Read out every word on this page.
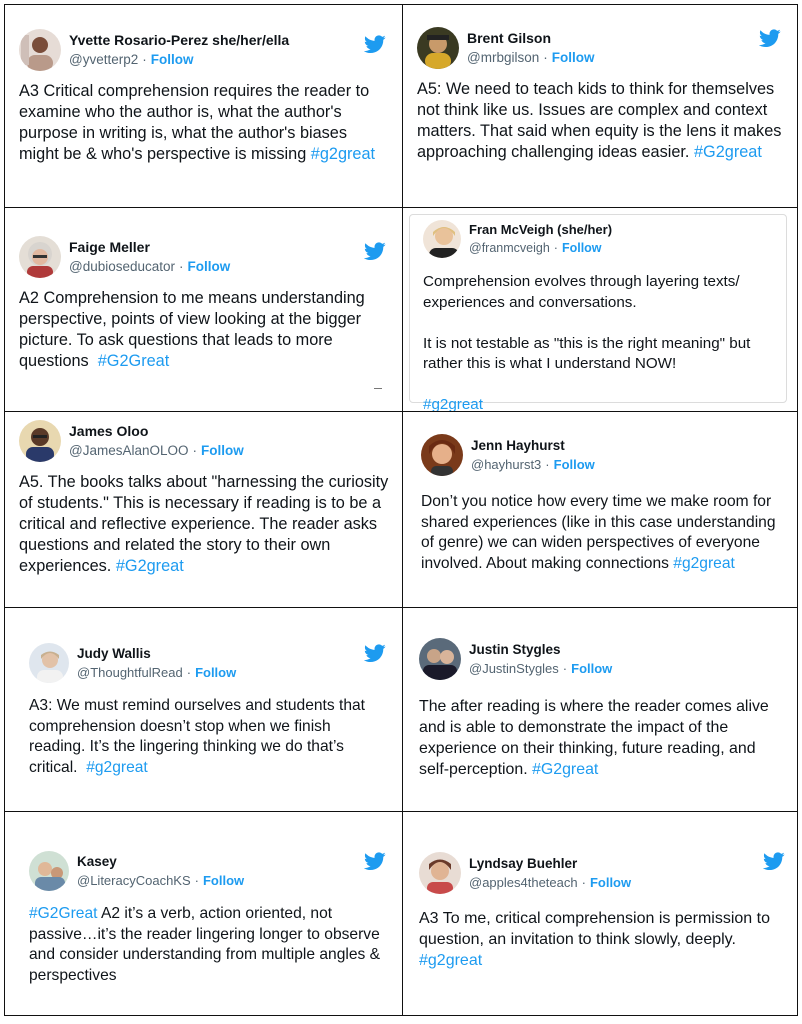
Yvette Rosario-Perez she/her/ella
@yvetterp2 · Follow
A3 Critical comprehension requires the reader to examine who the author is, what the author's purpose in writing is, what the author's biases might be & who's perspective is missing #g2great
Brent Gilson
@mrbgilson · Follow
A5: We need to teach kids to think for themselves not think like us. Issues are complex and context matters. That said when equity is the lens it makes approaching challenging ideas easier. #G2great
Faige Meller
@dubioseducator · Follow
A2 Comprehension to me means understanding perspective, points of view looking at the bigger picture. To ask questions that leads to more questions  #G2Great
Fran McVeigh (she/her)
@franmcveigh · Follow
Comprehension evolves through layering texts/ experiences and conversations.

It is not testable as "this is the right meaning" but rather this is what I understand NOW!

#g2great
James Oloo
@JamesAlanOLOO · Follow
A5. The books talks about "harnessing the curiosity of students." This is necessary if reading is to be a critical and reflective experience. The reader asks questions and related the story to their own experiences. #G2great
Jenn Hayhurst
@hayhurst3 · Follow
Don’t you notice how every time we make room for shared experiences (like in this case understanding of genre) we can widen perspectives of everyone involved. About making connections #g2great
Judy Wallis
@ThoughtfulRead · Follow
A3: We must remind ourselves and students that comprehension doesn’t stop when we finish reading. It’s the lingering thinking we do that’s critical.  #g2great
Justin Stygles
@JustinStygles · Follow
The after reading is where the reader comes alive and is able to demonstrate the impact of the experience on their thinking, future reading, and self-perception. #G2great
Kasey
@LiteracyCoachKS · Follow
#G2Great A2 it’s a verb, action oriented, not passive…it’s the reader lingering longer to observe and consider understanding from multiple angles & perspectives
Lyndsay Buehler
@apples4theteach · Follow
A3 To me, critical comprehension is permission to question, an invitation to think slowly, deeply. #g2great
